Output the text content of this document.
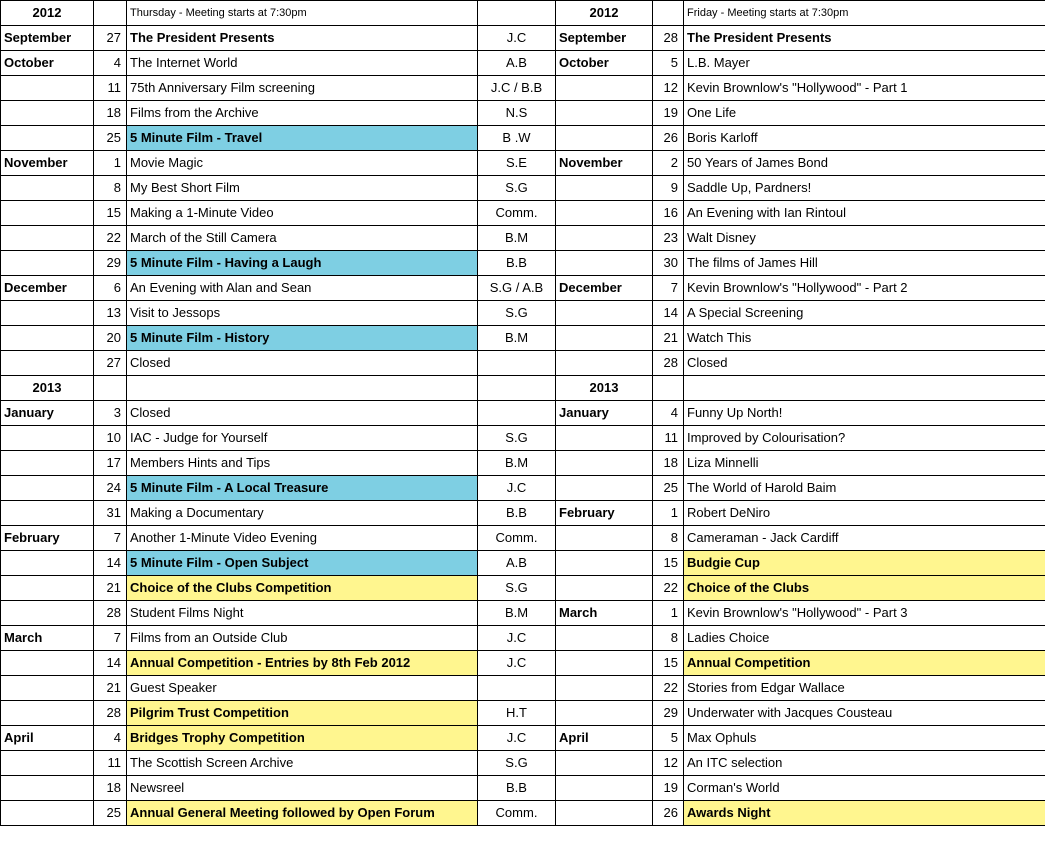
2012		Thursday - Meeting starts at 7:30pm		2012		Friday - Meeting starts at 7:30pm
September	27	The President Presents	J.C	September	28	The President Presents
October	4	The Internet World	A.B	October	5	L.B. Mayer
	11	75th Anniversary Film screening	J.C / B.B		12	Kevin Brownlow's "Hollywood" - Part 1
	18	Films from the Archive	N.S		19	One Life
	25	5 Minute Film - Travel	B .W		26	Boris Karloff
November	1	Movie Magic	S.E	November	2	50 Years of James Bond
	8	My Best Short Film	S.G		9	Saddle Up, Pardners!
	15	Making a 1-Minute Video	Comm.		16	An Evening with Ian Rintoul
	22	March of the Still Camera	B.M		23	Walt Disney
	29	5 Minute Film - Having a Laugh	B.B		30	The films of James Hill
December	6	An Evening with Alan and Sean	S.G / A.B	December	7	Kevin Brownlow's "Hollywood" - Part 2
	13	Visit to Jessops	S.G		14	A Special Screening
	20	5 Minute Film - History	B.M		21	Watch This
	27	Closed			28	Closed
2013				2013		
January	3	Closed		January	4	Funny Up North!
	10	IAC - Judge for Yourself	S.G		11	Improved by Colourisation?
	17	Members Hints and Tips	B.M		18	Liza Minnelli
	24	5 Minute Film - A Local Treasure	J.C		25	The World of Harold Baim
	31	Making a Documentary	B.B	February	1	Robert DeNiro
February	7	Another 1-Minute Video Evening	Comm.		8	Cameraman - Jack Cardiff
	14	5 Minute Film - Open Subject	A.B		15	Budgie Cup
	21	Choice of the Clubs Competition	S.G		22	Choice of the Clubs
	28	Student Films Night	B.M	March	1	Kevin Brownlow's "Hollywood" - Part 3
March	7	Films from an Outside Club	J.C		8	Ladies Choice
	14	Annual Competition - Entries by 8th Feb 2012	J.C		15	Annual Competition
	21	Guest Speaker			22	Stories from Edgar Wallace
	28	Pilgrim Trust Competition	H.T		29	Underwater with Jacques Cousteau
April	4	Bridges Trophy Competition	J.C	April	5	Max Ophuls
	11	The Scottish Screen Archive	S.G		12	An ITC selection
	18	Newsreel	B.B		19	Corman's World
	25	Annual General Meeting followed by Open Forum	Comm.		26	Awards Night
